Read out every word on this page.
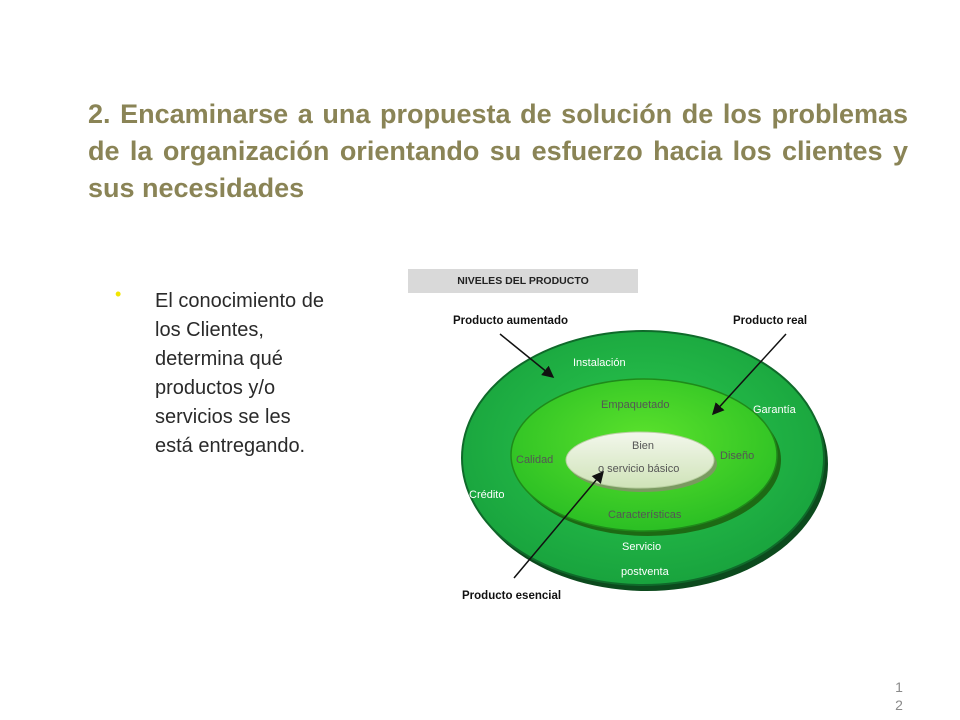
2. Encaminarse a una propuesta de solución de los problemas de la organización orientando su esfuerzo hacia los clientes y sus necesidades
• El conocimiento de los Clientes, determina qué productos y/o servicios se les está entregando.
NIVELES DEL PRODUCTO
Producto aumentado	Producto real
Producto esencial
Instalación
Garantía
Crédito
Servicio
postventa
Empaquetado
Calidad	Diseño
Características
Bien
o servicio básico
12
